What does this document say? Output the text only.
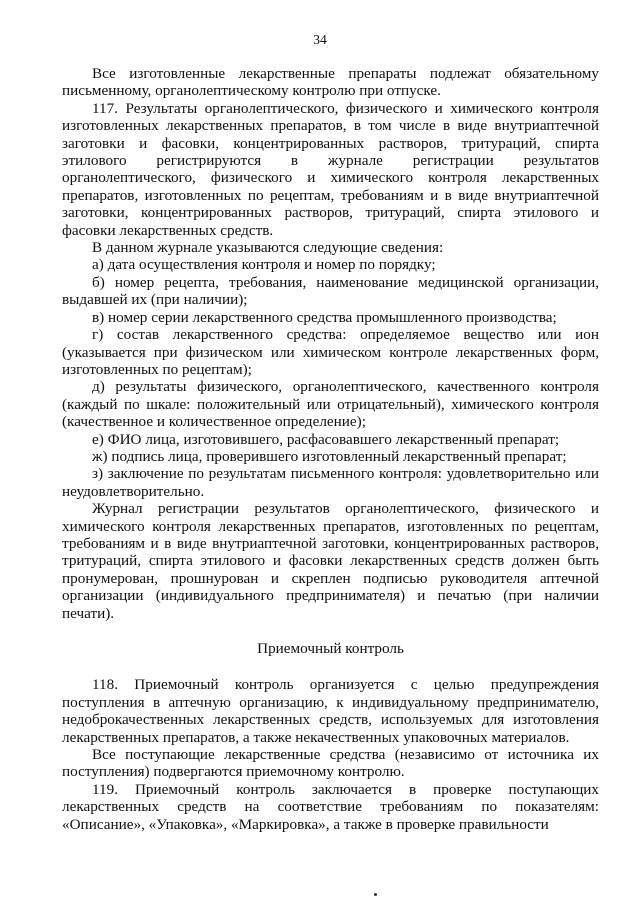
34

Все изготовленные лекарственные препараты подлежат обязательному письменному, органолептическому контролю при отпуске.

117. Результаты органолептического, физического и химического контроля изготовленных лекарственных препаратов, в том числе в виде внутриаптечной заготовки и фасовки, концентрированных растворов, тритураций, спирта этилового регистрируются в журнале регистрации результатов органолептического, физического и химического контроля лекарственных препаратов, изготовленных по рецептам, требованиям и в виде внутриаптечной заготовки, концентрированных растворов, тритураций, спирта этилового и фасовки лекарственных средств.

В данном журнале указываются следующие сведения:

а) дата осуществления контроля и номер по порядку;

б) номер рецепта, требования, наименование медицинской организации, выдавшей их (при наличии);

в) номер серии лекарственного средства промышленного производства;

г) состав лекарственного средства: определяемое вещество или ион (указывается при физическом или химическом контроле лекарственных форм, изготовленных по рецептам);

д) результаты физического, органолептического, качественного контроля (каждый по шкале: положительный или отрицательный), химического контроля (качественное и количественное определение);

е) ФИО лица, изготовившего, расфасовавшего лекарственный препарат;

ж) подпись лица, проверившего изготовленный лекарственный препарат;

з) заключение по результатам письменного контроля: удовлетворительно или неудовлетворительно.

Журнал регистрации результатов органолептического, физического и химического контроля лекарственных препаратов, изготовленных по рецептам, требованиям и в виде внутриаптечной заготовки, концентрированных растворов, тритураций, спирта этилового и фасовки лекарственных средств должен быть пронумерован, прошнурован и скреплен подписью руководителя аптечной организации (индивидуального предпринимателя) и печатью (при наличии печати).

Приемочный контроль

118. Приемочный контроль организуется с целью предупреждения поступления в аптечную организацию, к индивидуальному предпринимателю, недоброкачественных лекарственных средств, используемых для изготовления лекарственных препаратов, а также некачественных упаковочных материалов.

Все поступающие лекарственные средства (независимо от источника их поступления) подвергаются приемочному контролю.

119. Приемочный контроль заключается в проверке поступающих лекарственных средств на соответствие требованиям по показателям: «Описание», «Упаковка», «Маркировка», а также в проверке правильности
